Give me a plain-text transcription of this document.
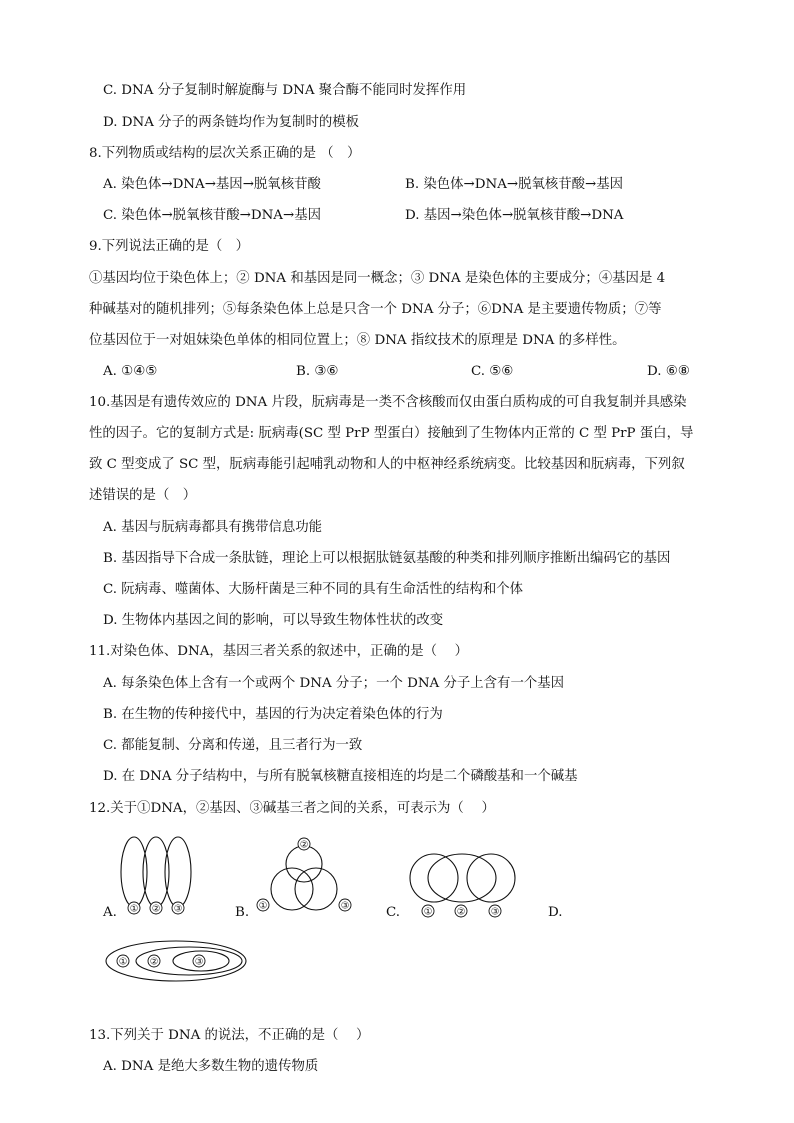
C. DNA 分子复制时解旋酶与 DNA 聚合酶不能同时发挥作用
D. DNA 分子的两条链均作为复制时的模板
8.下列物质或结构的层次关系正确的是 （　）
A. 染色体→DNA→基因→脱氧核苷酸	B. 染色体→DNA→脱氧核苷酸→基因
C. 染色体→脱氧核苷酸→DNA→基因	D. 基因→染色体→脱氧核苷酸→DNA
9.下列说法正确的是（　）
①基因均位于染色体上；② DNA 和基因是同一概念；③ DNA 是染色体的主要成分；④基因是 4
种碱基对的随机排列；⑤每条染色体上总是只含一个 DNA 分子；⑥DNA 是主要遗传物质；⑦等
位基因位于一对姐妹染色单体的相同位置上；⑧ DNA 指纹技术的原理是 DNA 的多样性。
A. ①④⑤	B. ③⑥	C. ⑤⑥	D. ⑥⑧
10.基因是有遗传效应的 DNA 片段，朊病毒是一类不含核酸而仅由蛋白质构成的可自我复制并具感染
性的因子。它的复制方式是: 朊病毒(SC 型 PrP 型蛋白）接触到了生物体内正常的 C 型 PrP 蛋白，导
致 C 型变成了 SC 型，朊病毒能引起哺乳动物和人的中枢神经系统病变。比较基因和朊病毒，下列叙
述错误的是（　）
A. 基因与朊病毒都具有携带信息功能
B. 基因指导下合成一条肽链，理论上可以根据肽链氨基酸的种类和排列顺序推断出编码它的基因
C. 阮病毒、噬菌体、大肠杆菌是三种不同的具有生命活性的结构和个体
D. 生物体内基因之间的影响，可以导致生物体性状的改变
11.对染色体、DNA，基因三者关系的叙述中，正确的是（　 ）
A. 每条染色体上含有一个或两个 DNA 分子；一个 DNA 分子上含有一个基因
B. 在生物的传种接代中，基因的行为决定着染色体的行为
C. 都能复制、分离和传递，且三者行为一致
D. 在 DNA 分子结构中，与所有脱氧核糖直接相连的均是二个磷酸基和一个碱基
12.关于①DNA，②基因、③碱基三者之间的关系，可表示为（　 ）
A. ① ② ③	B.
②
①	③	C. ①	②	③	D.
① ②	③
13.下列关于 DNA 的说法，不正确的是（　 ）
A. DNA 是绝大多数生物的遗传物质
